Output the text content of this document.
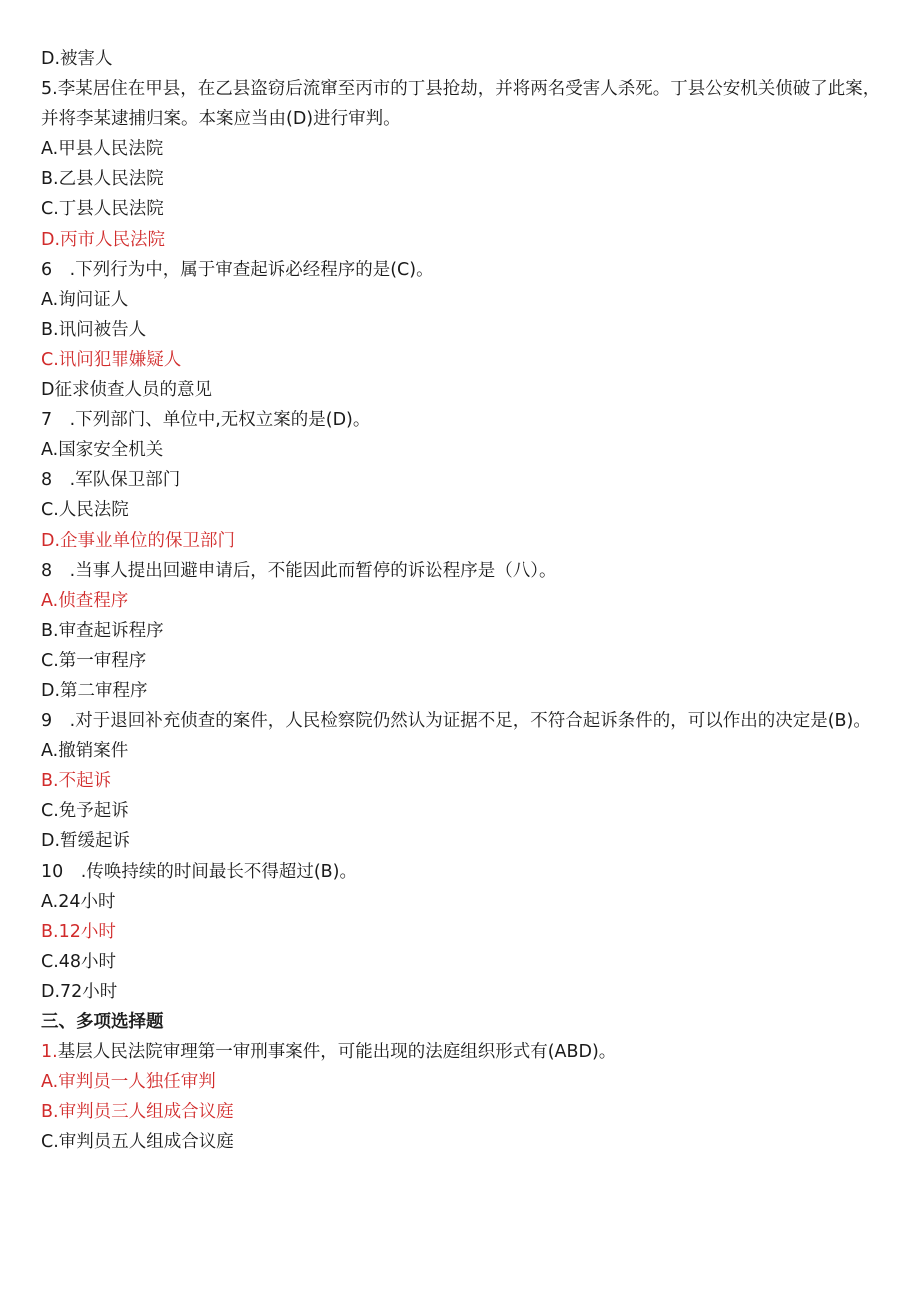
D.被害人
5.李某居住在甲县，在乙县盗窃后流窜至丙市的丁县抢劫，并将两名受害人杀死。丁县公安机关侦破了此案，并将李某逮捕归案。本案应当由(D)进行审判。
A.甲县人民法院
B.乙县人民法院
C.丁县人民法院
D.丙市人民法院
6　.下列行为中，属于审查起诉必经程序的是(C)。
A.询问证人
B.讯问被告人
C.讯问犯罪嫌疑人
D征求侦查人员的意见
7　.下列部门、单位中,无权立案的是(D)。
A.国家安全机关
8　.军队保卫部门
C.人民法院
D.企事业单位的保卫部门
8　.当事人提出回避申请后，不能因此而暂停的诉讼程序是（八）。
A.侦查程序
B.审查起诉程序
C.第一审程序
D.第二审程序
9　.对于退回补充侦查的案件，人民检察院仍然认为证据不足，不符合起诉条件的，可以作出的决定是(B)。
A.撤销案件
B.不起诉
C.免予起诉
D.暂缓起诉
10　.传唤持续的时间最长不得超过(B)。
A.24小时
B.12小时
C.48小时
D.72小时
三、多项选择题
1.基层人民法院审理第一审刑事案件，可能出现的法庭组织形式有(ABD)。
A.审判员一人独任审判
B.审判员三人组成合议庭
C.审判员五人组成合议庭
